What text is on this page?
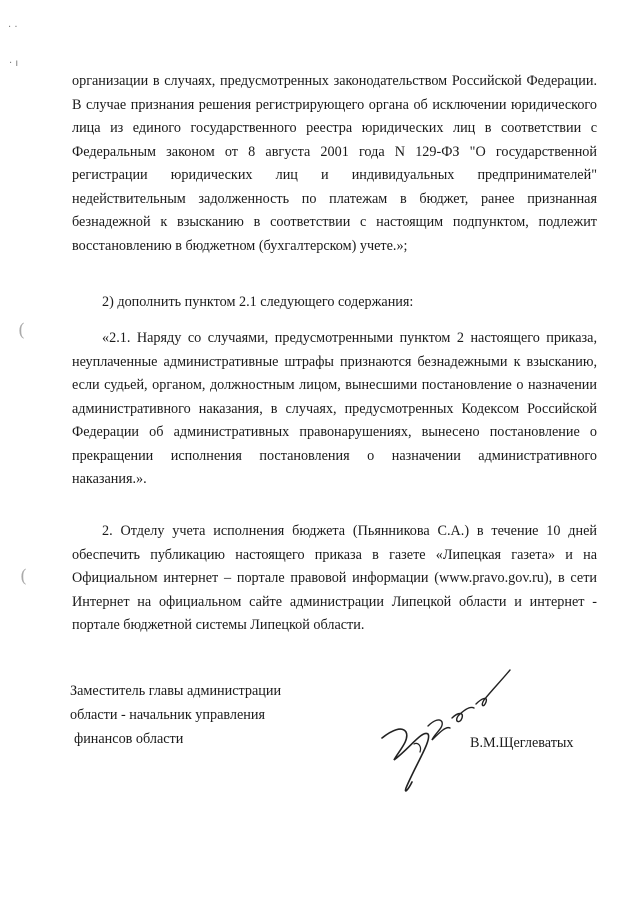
· ·
· ı
(
(
организации в случаях, предусмотренных законодательством Российской Федерации. В случае признания решения регистрирующего органа об исключении юридического лица из единого государственного реестра юридических лиц в соответствии с Федеральным законом от 8 августа 2001 года N 129-ФЗ "О государственной регистрации юридических лиц и индивидуальных предпринимателей" недействительным задолженность по платежам в бюджет, ранее признанная безнадежной к взысканию в соответствии с настоящим подпунктом, подлежит восстановлению в бюджетном (бухгалтерском) учете.»;
2) дополнить пунктом 2.1 следующего содержания:
«2.1. Наряду со случаями, предусмотренными пунктом 2 настоящего приказа, неуплаченные административные штрафы признаются безнадежными к взысканию, если судьей, органом, должностным лицом, вынесшими постановление о назначении административного наказания, в случаях, предусмотренных Кодексом Российской Федерации об административных правонарушениях, вынесено постановление о прекращении исполнения постановления о назначении административного наказания.».
2. Отделу учета исполнения бюджета (Пьянникова С.А.) в течение 10 дней обеспечить публикацию настоящего приказа в газете «Липецкая газета» и на Официальном интернет – портале правовой информации (www.pravo.gov.ru), в сети Интернет на официальном сайте администрации Липецкой области и интернет - портале бюджетной системы Липецкой области.
Заместитель главы администрации
области - начальник управления
финансов области	В.М.Щеглеватых
